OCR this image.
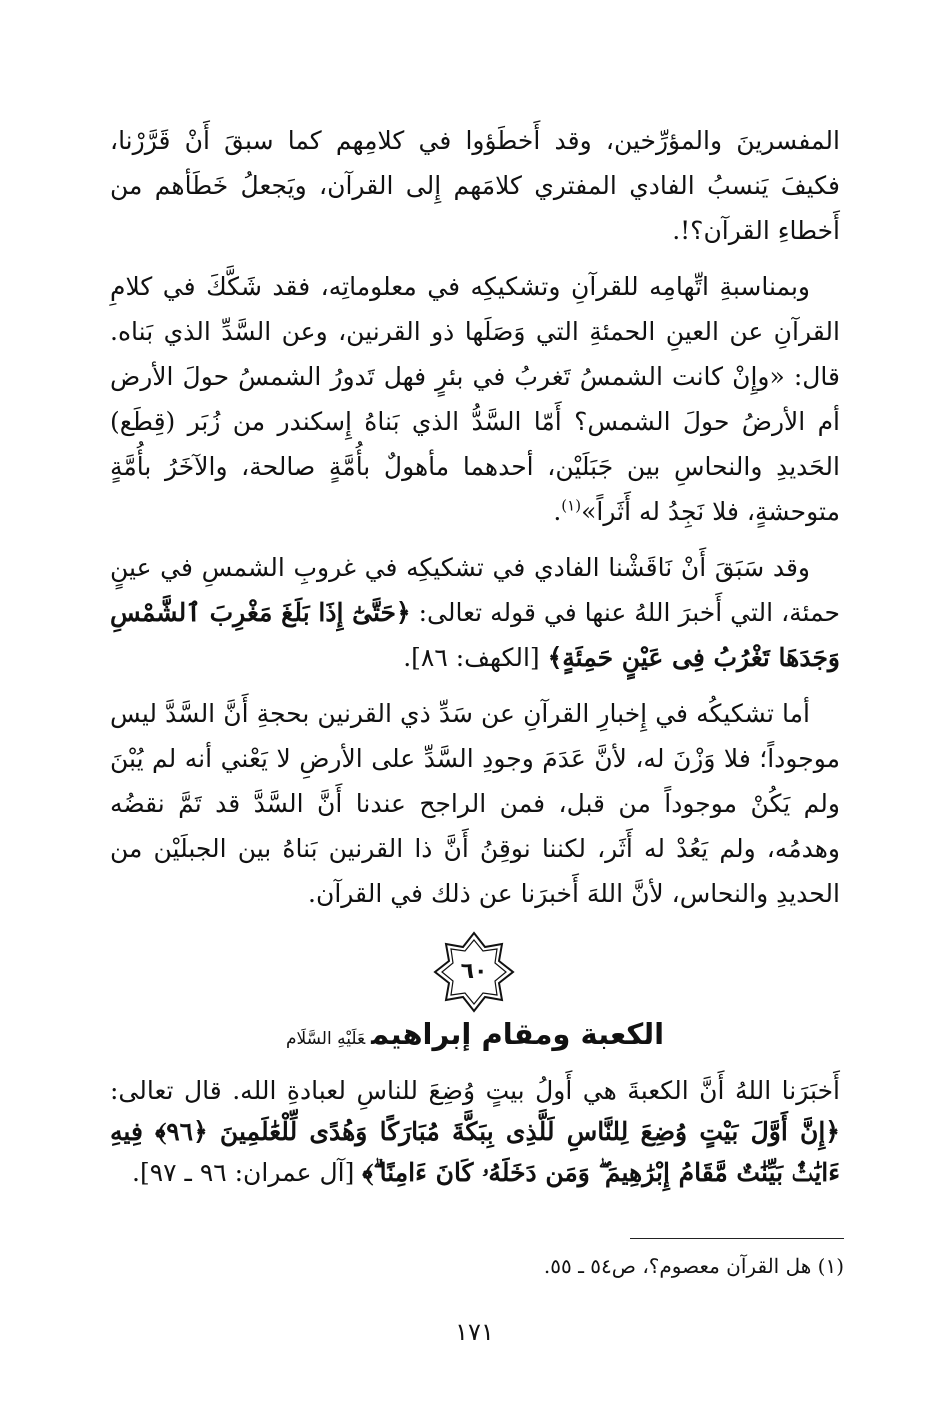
المفسرينَ والمؤرِّخين، وقد أَخطَؤوا في كلامِهم كما سبقَ أَنْ قَرَّرْنا، فكيفَ يَنسبُ الفادي المفتري كلامَهم إِلى القرآن، ويَجعلُ خَطَأهم من أَخطاءِ القرآن؟!.

وبمناسبةِ اتِّهامِه للقرآنِ وتشكيكِه في معلوماتِه، فقد شَكَّكَ في كلامِ القرآنِ عن العينِ الحمئةِ التي وَصَلَها ذو القرنين، وعن السَّدِّ الذي بَناه. قال: «وإِنْ كانت الشمسُ تَغربُ في بئرٍ فهل تَدورُ الشمسُ حولَ الأرض أم الأرضُ حولَ الشمس؟ أَمّا السَّدُّ الذي بَناهُ إِسكندر من زُبَر (قِطَع) الحَديدِ والنحاسِ بين جَبَلَيْن، أحدهما مأهولٌ بأُمَّةٍ صالحة، والآخَرُ بأُمَّةٍ متوحشةٍ، فلا نَجِدُ له أَثَراً»$^{(١)}$.

وقد سَبَقَ أَنْ نَاقَشْنا الفادي في تشكيكِه في غروبِ الشمسِ في عينٍ حمئة، التي أَخبرَ اللهُ عنها في قوله تعالى: ﴿حَتَّىٰٓ إِذَا بَلَغَ مَغْرِبَ ٱلشَّمْسِ وَجَدَهَا تَغْرُبُ فِى عَيْنٍ حَمِئَةٍ﴾ [الكهف: ٨٦].

أما تشكيكُه في إِخبارِ القرآنِ عن سَدِّ ذي القرنين بحجةِ أَنَّ السَّدَّ ليس موجوداً؛ فلا وَزْنَ له، لأنَّ عَدَمَ وجودِ السَّدِّ على الأرضِ لا يَعْني أنه لم يُبْنَ ولم يَكُنْ موجوداً من قبل، فمن الراجح عندنا أَنَّ السَّدَّ قد تَمَّ نقضُه وهدمُه، ولم يَعُدْ له أَثَر، لكننا نوقِنُ أَنَّ ذا القرنين بَناهُ بين الجبلَيْن من الحديدِ والنحاس، لأنَّ اللهَ أَخبرَنا عن ذلك في القرآن.

٦٠
الكعبة ومقام إبراهيمعَلَيْهِ السَّلَام

أَخبَرَنا اللهُ أَنَّ الكعبةَ هي أَولُ بيتٍ وُضِعَ للناسِ لعبادةِ الله. قال تعالى: ﴿إِنَّ أَوَّلَ بَيْتٍ وُضِعَ لِلنَّاسِ لَلَّذِى بِبَكَّةَ مُبَارَكًا وَهُدًى لِّلْعَٰلَمِينَ ﴿٩٦﴾ فِيهِ ءَايَٰتٌۢ بَيِّنَٰتٌ مَّقَامُ إِبْرَٰهِيمَ ۖ وَمَن دَخَلَهُۥ كَانَ ءَامِنًا ۗ﴾ [آل عمران: ٩٦ ـ ٩٧].

(١) هل القرآن معصوم؟، ص٥٤ ـ ٥٥.
١٧١
